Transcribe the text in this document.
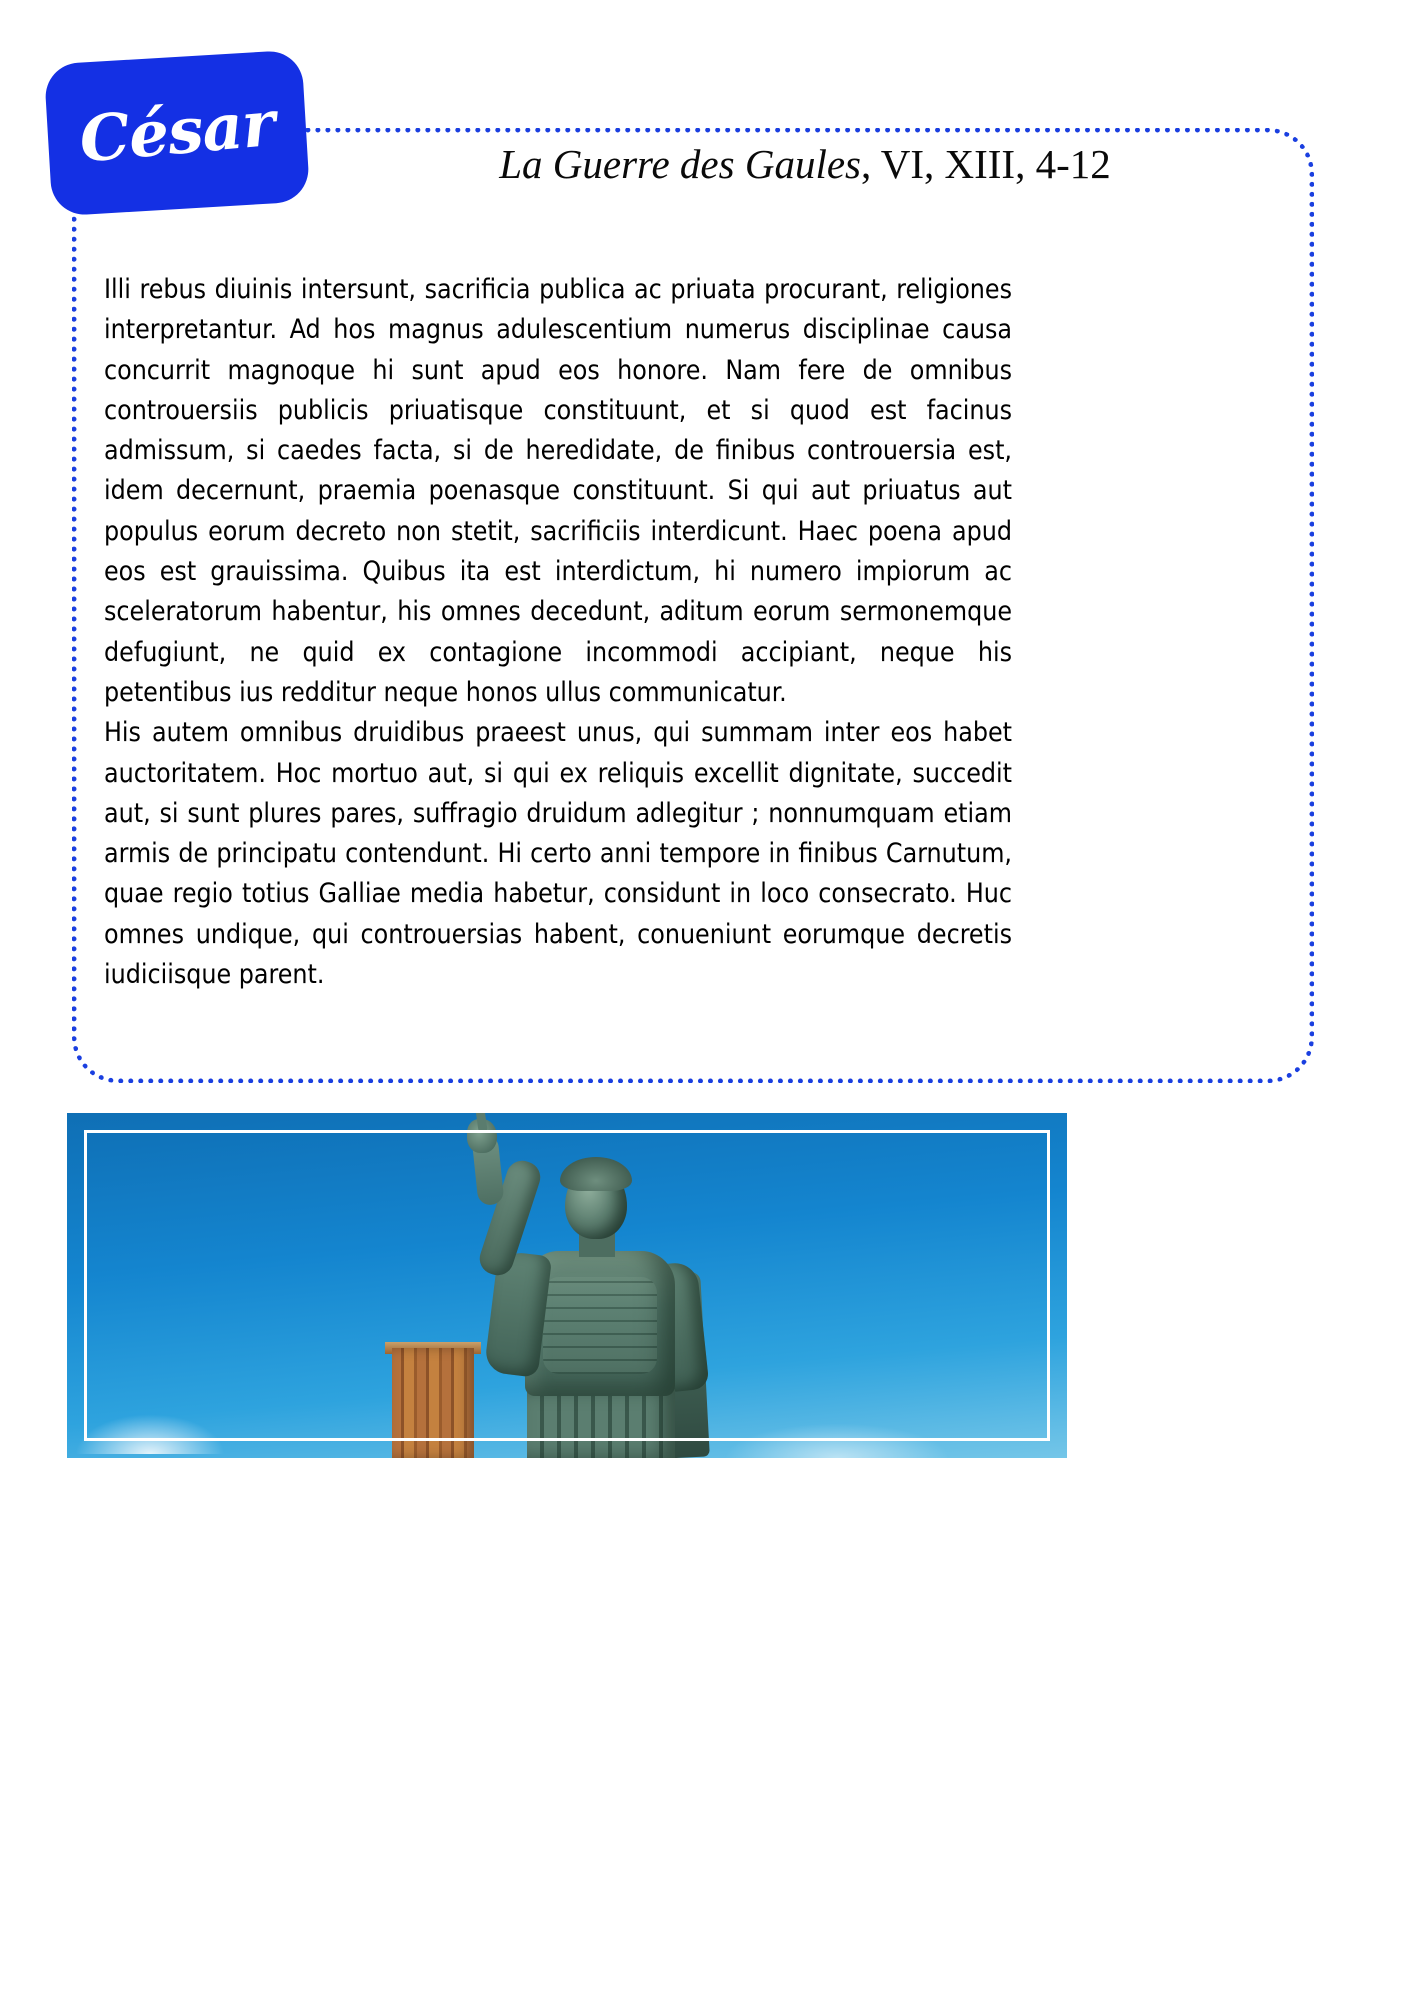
César	La Guerre des Gaules, VI, XIII, 4-12

Illi rebus diuinis intersunt, sacrificia publica ac priuata procurant, religiones interpretantur. Ad hos magnus adulescentium numerus disciplinae causa concurrit magnoque hi sunt apud eos honore. Nam fere de omnibus controuersiis publicis priuatisque constituunt, et si quod est facinus admissum, si caedes facta, si de heredidate, de finibus controuersia est, idem decernunt, praemia poenasque constituunt. Si qui aut priuatus aut populus eorum decreto non stetit, sacrificiis interdicunt. Haec poena apud eos est grauissima. Quibus ita est interdictum, hi numero impiorum ac sceleratorum habentur, his omnes decedunt, aditum eorum sermonemque defugiunt, ne quid ex contagione incommodi accipiant, neque his petentibus ius redditur neque honos ullus communicatur.

His autem omnibus druidibus praeest unus, qui summam inter eos habet auctoritatem. Hoc mortuo aut, si qui ex reliquis excellit dignitate, succedit aut, si sunt plures pares, suffragio druidum adlegitur ; nonnumquam etiam armis de principatu contendunt. Hi certo anni tempore in finibus Carnutum, quae regio totius Galliae media habetur, considunt in loco consecrato. Huc omnes undique, qui controuersias habent, conueniunt eorumque decretis iudiciisque parent.
